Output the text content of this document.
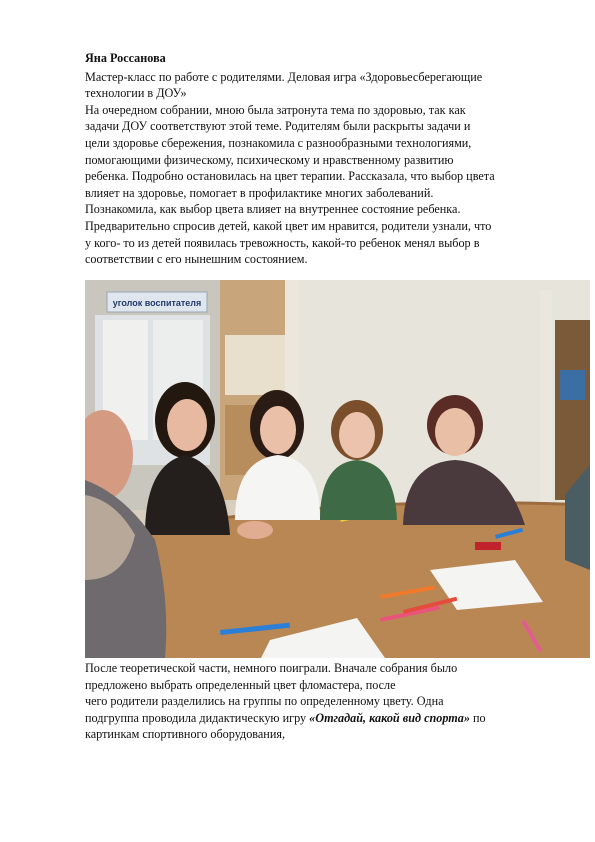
Яна Россанова
Мастер-класс по работе с родителями. Деловая игра «Здоровьесберегающие
технологии в ДОУ»
На очередном собрании, мною была затронута тема по здоровью, так как
задачи ДОУ соответствуют этой теме. Родителям были раскрыты задачи и
цели здоровье сбережения, познакомила с разнообразными технологиями,
помогающими физическому, психическому и нравственному развитию
ребенка. Подробно остановилась на цвет терапии. Рассказала, что выбор цвета
влияет на здоровье, помогает в профилактике многих заболеваний.
Познакомила, как выбор цвета влияет на внутреннее состояние ребенка.
Предварительно спросив детей, какой цвет им нравится, родители узнали, что
у кого- то из детей появилась тревожность, какой-то ребенок менял выбор в
соответствии с его нынешним состоянием.
уголок воспитателя
После теоретической части, немного поиграли. Вначале собрания было
предложено выбрать определенный цвет фломастера, после
чего родители разделились на группы по определенному цвету. Одна
подгруппа проводила дидактическую игру «Отгадай, какой вид спорта» по
картинкам спортивного оборудования,
